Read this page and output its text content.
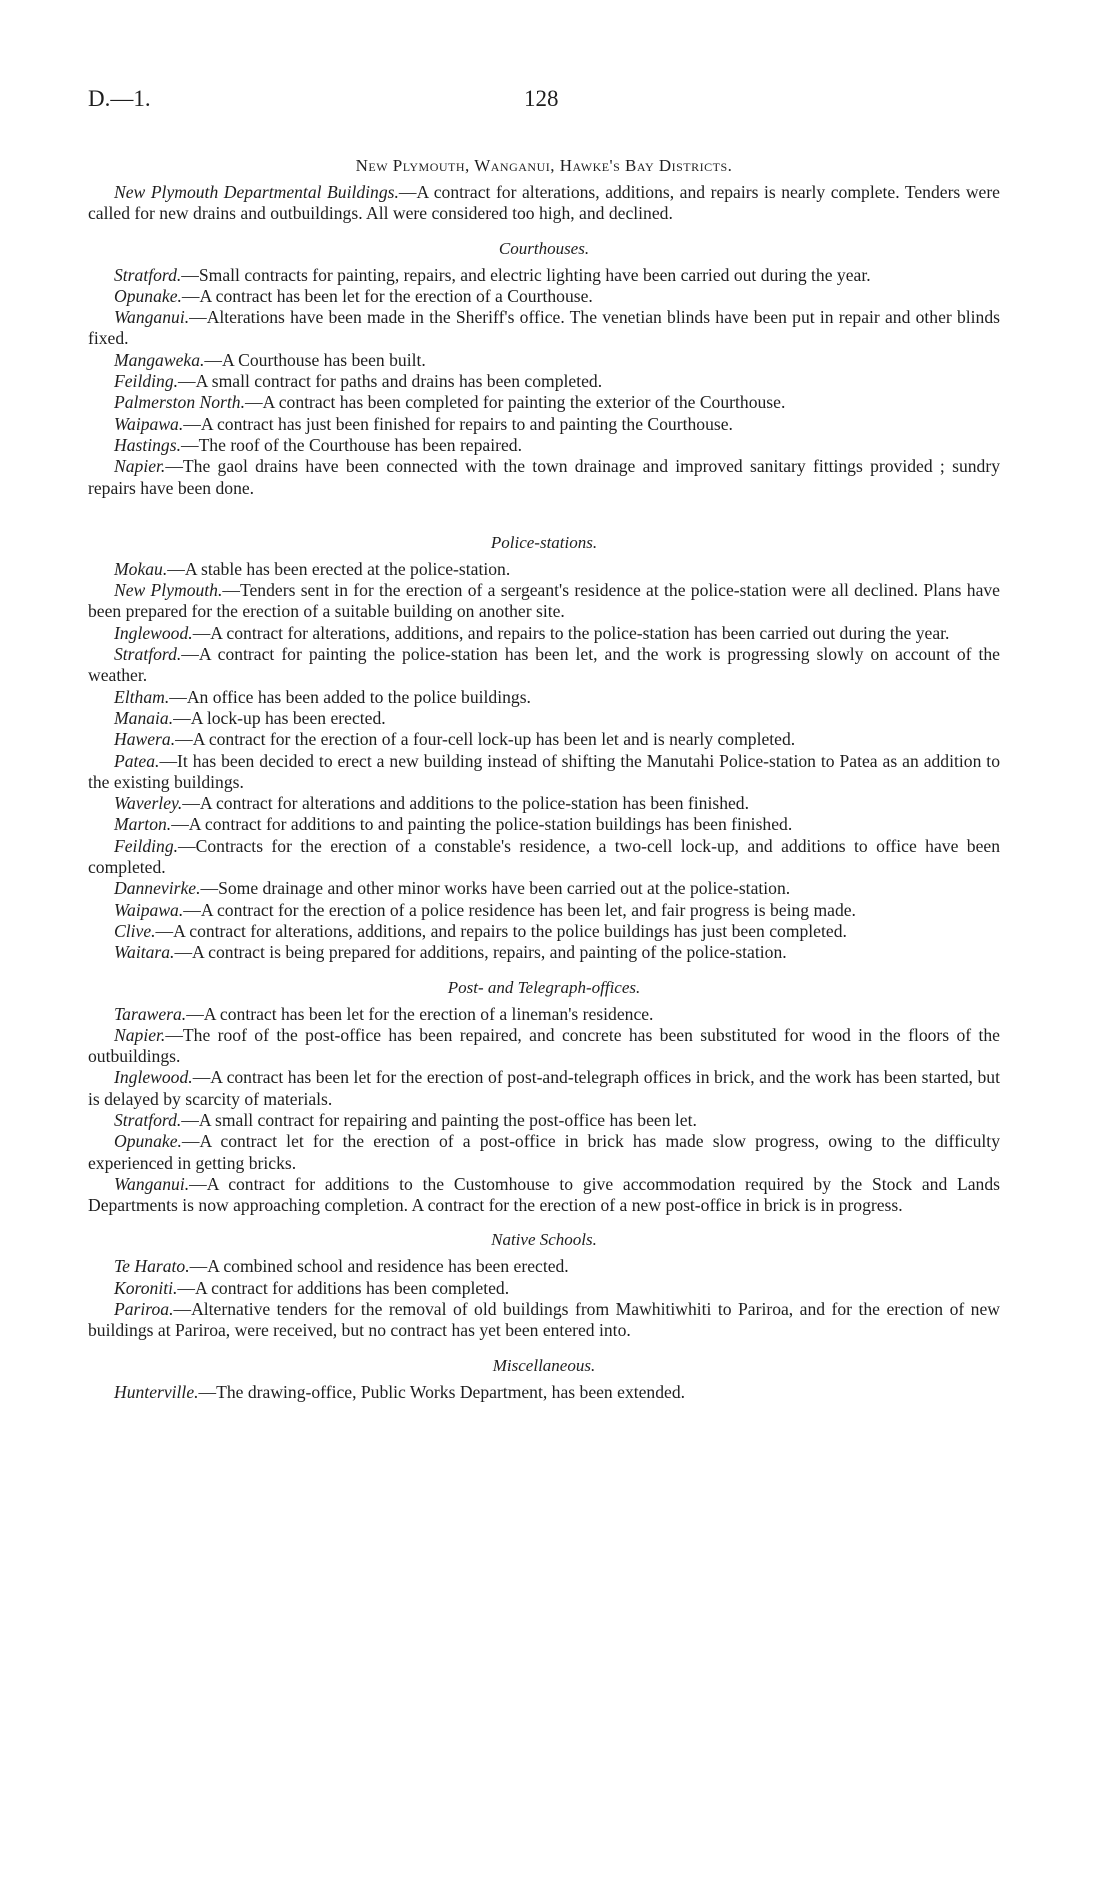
D.—1.	128
New Plymouth, Wanganui, Hawke's Bay Districts.

New Plymouth Departmental Buildings.—A contract for alterations, additions, and repairs is nearly complete. Tenders were called for new drains and outbuildings. All were considered too high, and declined.

Courthouses.

Stratford.—Small contracts for painting, repairs, and electric lighting have been carried out during the year.

Opunake.—A contract has been let for the erection of a Courthouse.

Wanganui.—Alterations have been made in the Sheriff's office. The venetian blinds have been put in repair and other blinds fixed.

Mangaweka.—A Courthouse has been built.

Feilding.—A small contract for paths and drains has been completed.

Palmerston North.—A contract has been completed for painting the exterior of the Courthouse.

Waipawa.—A contract has just been finished for repairs to and painting the Courthouse.

Hastings.—The roof of the Courthouse has been repaired.

Napier.—The gaol drains have been connected with the town drainage and improved sanitary fittings provided ; sundry repairs have been done.

Police-stations.

Mokau.—A stable has been erected at the police-station.

New Plymouth.—Tenders sent in for the erection of a sergeant's residence at the police-station were all declined. Plans have been prepared for the erection of a suitable building on another site.

Inglewood.—A contract for alterations, additions, and repairs to the police-station has been carried out during the year.

Stratford.—A contract for painting the police-station has been let, and the work is progressing slowly on account of the weather.

Eltham.—An office has been added to the police buildings.

Manaia.—A lock-up has been erected.

Hawera.—A contract for the erection of a four-cell lock-up has been let and is nearly completed.

Patea.—It has been decided to erect a new building instead of shifting the Manutahi Police-station to Patea as an addition to the existing buildings.

Waverley.—A contract for alterations and additions to the police-station has been finished.

Marton.—A contract for additions to and painting the police-station buildings has been finished.

Feilding.—Contracts for the erection of a constable's residence, a two-cell lock-up, and additions to office have been completed.

Dannevirke.—Some drainage and other minor works have been carried out at the police-station.

Waipawa.—A contract for the erection of a police residence has been let, and fair progress is being made.

Clive.—A contract for alterations, additions, and repairs to the police buildings has just been completed.

Waitara.—A contract is being prepared for additions, repairs, and painting of the police-station.

Post- and Telegraph-offices.

Tarawera.—A contract has been let for the erection of a lineman's residence.

Napier.—The roof of the post-office has been repaired, and concrete has been substituted for wood in the floors of the outbuildings.

Inglewood.—A contract has been let for the erection of post-and-telegraph offices in brick, and the work has been started, but is delayed by scarcity of materials.

Stratford.—A small contract for repairing and painting the post-office has been let.

Opunake.—A contract let for the erection of a post-office in brick has made slow progress, owing to the difficulty experienced in getting bricks.

Wanganui.—A contract for additions to the Customhouse to give accommodation required by the Stock and Lands Departments is now approaching completion. A contract for the erection of a new post-office in brick is in progress.

Native Schools.

Te Harato.—A combined school and residence has been erected.

Koroniti.—A contract for additions has been completed.

Pariroa.—Alternative tenders for the removal of old buildings from Mawhitiwhiti to Pariroa, and for the erection of new buildings at Pariroa, were received, but no contract has yet been entered into.

Miscellaneous.

Hunterville.—The drawing-office, Public Works Department, has been extended.
